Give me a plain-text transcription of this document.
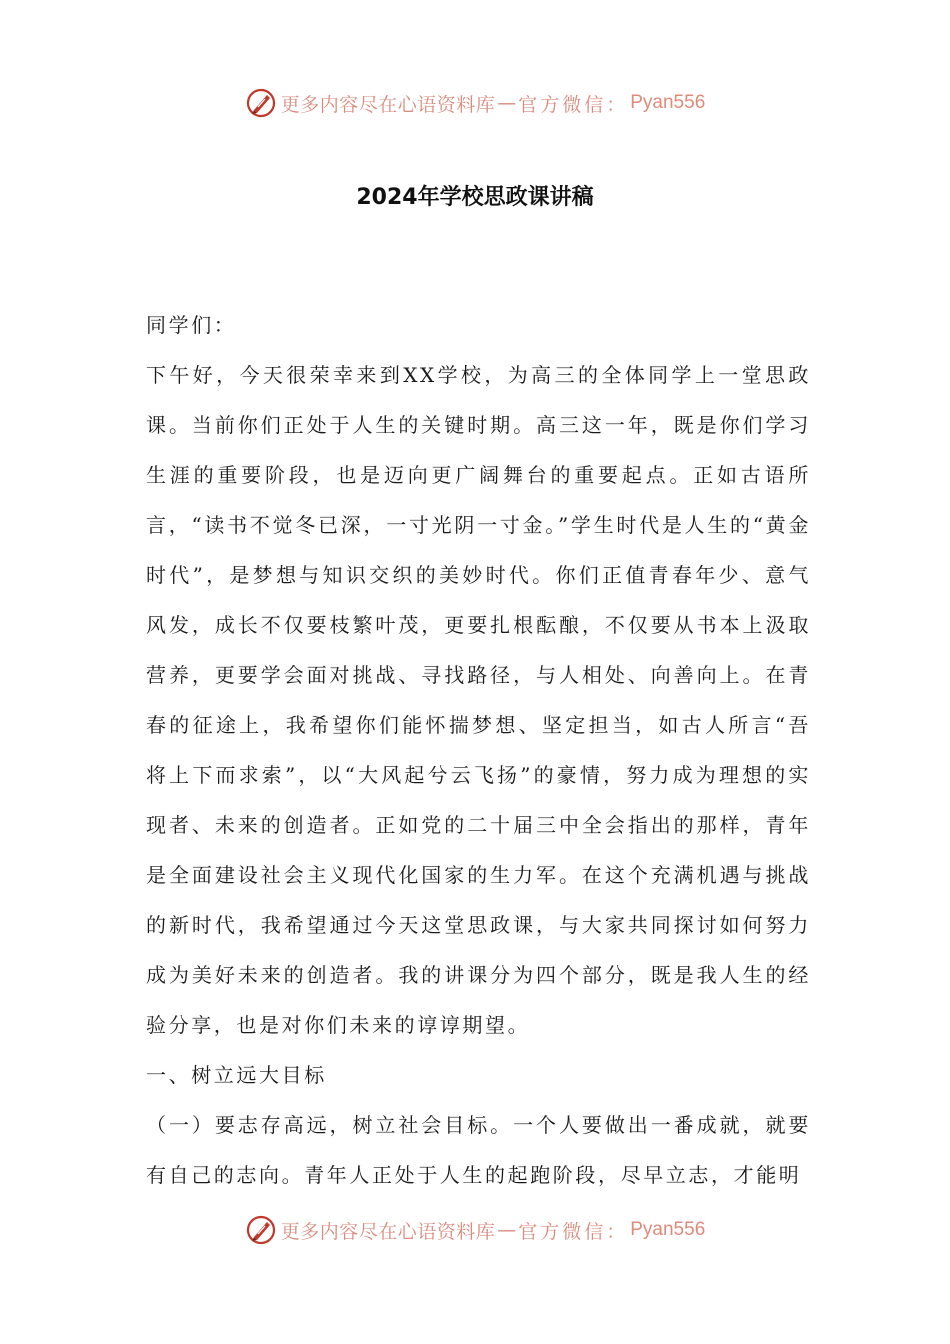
更多内容尽在心语资料库 — 官方微信： Pyan556
2024年学校思政课讲稿

同学们：

下午好，今天很荣幸来到XX学校，为高三的全体同学上一堂思政课。当前你们正处于人生的关键时期。高三这一年，既是你们学习生涯的重要阶段，也是迈向更广阔舞台的重要起点。正如古语所言，“读书不觉冬已深，一寸光阴一寸金。”学生时代是人生的“黄金时代”，是梦想与知识交织的美妙时代。你们正值青春年少、意气风发，成长不仅要枝繁叶茂，更要扎根酝酿，不仅要从书本上汲取营养，更要学会面对挑战、寻找路径，与人相处、向善向上。在青春的征途上，我希望你们能怀揣梦想、坚定担当，如古人所言“吾将上下而求索”，以“大风起兮云飞扬”的豪情，努力成为理想的实现者、未来的创造者。正如党的二十届三中全会指出的那样，青年是全面建设社会主义现代化国家的生力军。在这个充满机遇与挑战的新时代，我希望通过今天这堂思政课，与大家共同探讨如何努力成为美好未来的创造者。我的讲课分为四个部分，既是我人生的经验分享，也是对你们未来的谆谆期望。

一、树立远大目标

（一）要志存高远，树立社会目标。一个人要做出一番成就，就要有自己的志向。青年人正处于人生的起跑阶段，尽早立志，才能明

更多内容尽在心语资料库 — 官方微信： Pyan556
